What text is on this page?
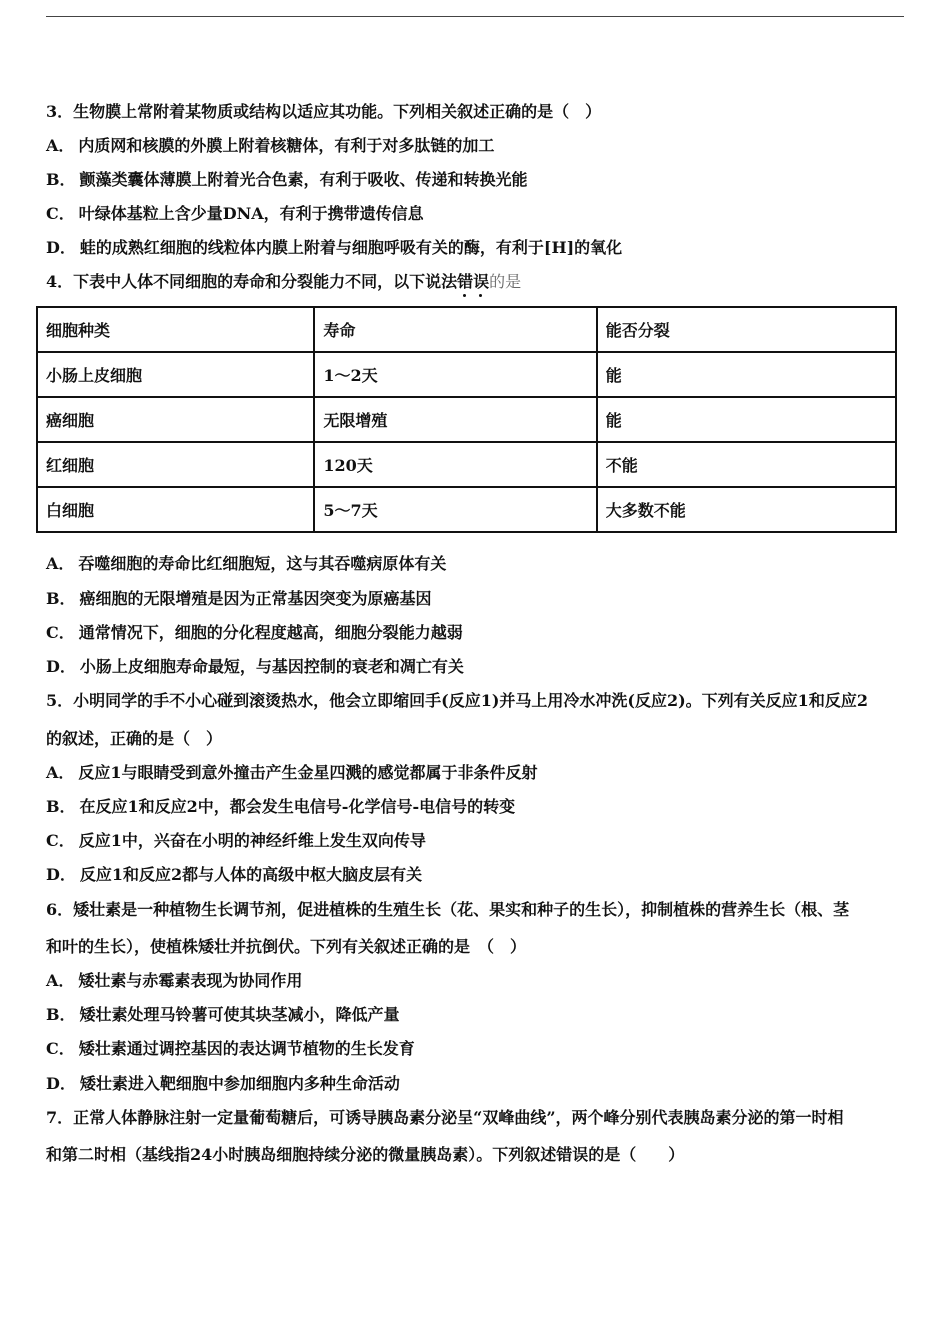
3．生物膜上常附着某物质或结构以适应其功能。下列相关叙述正确的是（　）
A． 内质网和核膜的外膜上附着核糖体，有利于对多肽链的加工
B． 颤藻类囊体薄膜上附着光合色素，有利于吸收、传递和转换光能
C． 叶绿体基粒上含少量DNA，有利于携带遗传信息
D． 蛙的成熟红细胞的线粒体内膜上附着与细胞呼吸有关的酶，有利于[H]的氧化
4．下表中人体不同细胞的寿命和分裂能力不同，以下说法错误
的是
细胞种类	寿命	能否分裂
小肠上皮细胞	1～2天	能
癌细胞	无限增殖	能
红细胞	120天	不能
白细胞	5～7天	大多数不能
A． 吞噬细胞的寿命比红细胞短，这与其吞噬病原体有关
B． 癌细胞的无限增殖是因为正常基因突变为原癌基因
C． 通常情况下，细胞的分化程度越高，细胞分裂能力越弱
D． 小肠上皮细胞寿命最短，与基因控制的衰老和凋亡有关
5．小明同学的手不小心碰到滚烫热水，他会立即缩回手(反应1)并马上用冷水冲洗(反应2)。下列有关反应1和反应2
的叙述，正确的是（　）
A． 反应1与眼睛受到意外撞击产生金星四溅的感觉都属于非条件反射
B． 在反应1和反应2中，都会发生电信号-化学信号-电信号的转变
C． 反应1中，兴奋在小明的神经纤维上发生双向传导
D． 反应1和反应2都与人体的高级中枢大脑皮层有关
6．矮壮素是一种植物生长调节剂，促进植株的生殖生长（花、果实和种子的生长），抑制植株的营养生长（根、茎
和叶的生长），使植株矮壮并抗倒伏。下列有关叙述正确的是　（　）
A． 矮壮素与赤霉素表现为协同作用
B． 矮壮素处理马铃薯可使其块茎减小，降低产量
C． 矮壮素通过调控基因的表达调节植物的生长发育
D． 矮壮素进入靶细胞中参加细胞内多种生命活动
7．正常人体静脉注射一定量葡萄糖后，可诱导胰岛素分泌呈“双峰曲线”，两个峰分别代表胰岛素分泌的第一时相
和第二时相（基线指24小时胰岛细胞持续分泌的微量胰岛素）。下列叙述错误的是（　　）
